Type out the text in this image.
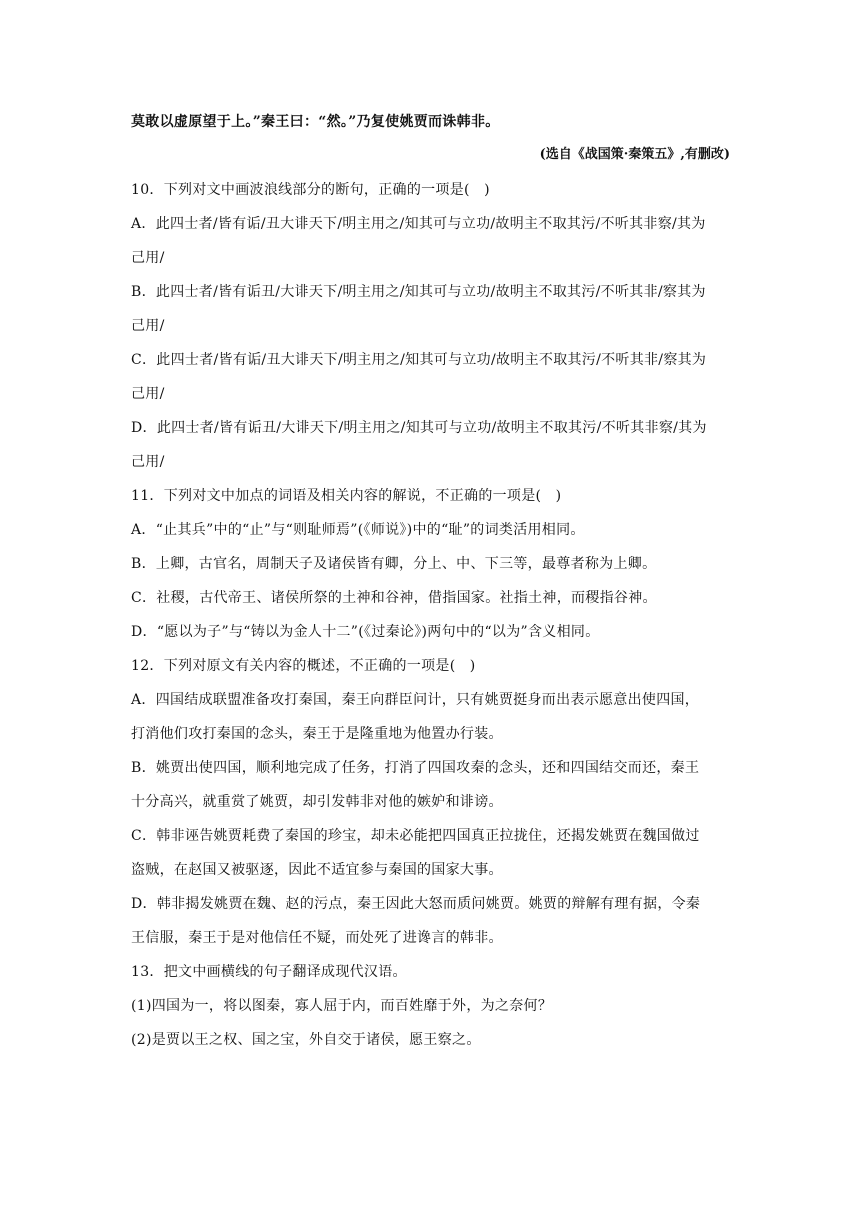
莫敢以虚原望于上。”秦王曰：“然。”乃复使姚贾而诛韩非。
(选自《战国策·秦策五》,有删改)
10．下列对文中画波浪线部分的断句，正确的一项是(　)
A．此四士者/皆有诟/丑大诽天下/明主用之/知其可与立功/故明主不取其污/不听其非察/其为
己用/
B．此四士者/皆有诟丑/大诽天下/明主用之/知其可与立功/故明主不取其污/不听其非/察其为
己用/
C．此四士者/皆有诟/丑大诽天下/明主用之/知其可与立功/故明主不取其污/不听其非/察其为
己用/
D．此四士者/皆有诟丑/大诽天下/明主用之/知其可与立功/故明主不取其污/不听其非察/其为
己用/
11．下列对文中加点的词语及相关内容的解说，不正确的一项是(　)
A．“止其兵”中的“止”与“则耻师焉”(《师说》)中的“耻”的词类活用相同。
B．上卿，古官名，周制天子及诸侯皆有卿，分上、中、下三等，最尊者称为上卿。
C．社稷，古代帝王、诸侯所祭的土神和谷神，借指国家。社指土神，而稷指谷神。
D．“愿以为子”与“铸以为金人十二”(《过秦论》)两句中的“以为”含义相同。
12．下列对原文有关内容的概述，不正确的一项是(　)
A．四国结成联盟准备攻打秦国，秦王向群臣问计，只有姚贾挺身而出表示愿意出使四国，
打消他们攻打秦国的念头，秦王于是隆重地为他置办行装。
B．姚贾出使四国，顺利地完成了任务，打消了四国攻秦的念头，还和四国结交而还，秦王
十分高兴，就重赏了姚贾，却引发韩非对他的嫉妒和诽谤。
C．韩非诬告姚贾耗费了秦国的珍宝，却未必能把四国真正拉拢住，还揭发姚贾在魏国做过
盗贼，在赵国又被驱逐，因此不适宜参与秦国的国家大事。
D．韩非揭发姚贾在魏、赵的污点，秦王因此大怒而质问姚贾。姚贾的辩解有理有据，令秦
王信服，秦王于是对他信任不疑，而处死了进谗言的韩非。
13．把文中画横线的句子翻译成现代汉语。
(1)四国为一，将以图秦，寡人屈于内，而百姓靡于外，为之奈何？
(2)是贾以王之权、国之宝，外自交于诸侯，愿王察之。
